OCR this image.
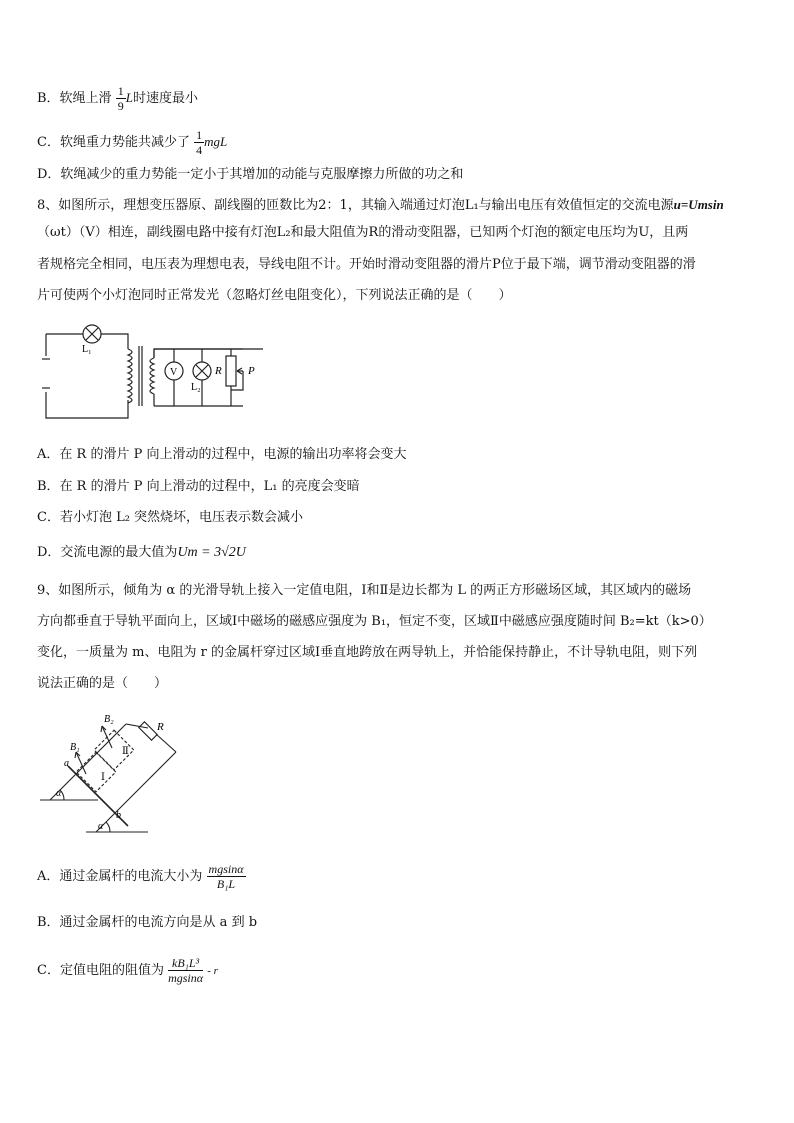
B．软绳上滑 $\frac{1}{9}$ L时速度最小
C．软绳重力势能共减少了 $\frac{1}{4}$ mgL
D．软绳减少的重力势能一定小于其增加的动能与克服摩擦力所做的功之和
8、如图所示，理想变压器原、副线圈的匝数比为2：1，其输入端通过灯泡L₁与输出电压有效值恒定的交流电源u=Umsin
（ωt）（V）相连，副线圈电路中接有灯泡L₂和最大阻值为R的滑动变阻器，已知两个灯泡的额定电压均为U，且两
者规格完全相同，电压表为理想电表，导线电阻不计。开始时滑动变阻器的滑片P位于最下端，调节滑动变阻器的滑
片可使两个小灯泡同时正常发光（忽略灯丝电阻变化），下列说法正确的是（　　）
L₁
V
L₂
R P
A．在 R 的滑片 P 向上滑动的过程中，电源的输出功率将会变大
B．在 R 的滑片 P 向上滑动的过程中，L₁ 的亮度会变暗
C．若小灯泡 L₂ 突然烧坏，电压表示数会减小
D．交流电源的最大值为Um = 3√2U
9、如图所示，倾角为 α 的光滑导轨上接入一定值电阻，Ⅰ和Ⅱ是边长都为 L 的两正方形磁场区域，其区域内的磁场
方向都垂直于导轨平面向上，区域Ⅰ中磁场的磁感应强度为 B₁，恒定不变，区域Ⅱ中磁感应强度随时间 B₂=kt（k>0）
变化，一质量为 m、电阻为 r 的金属杆穿过区域Ⅰ垂直地跨放在两导轨上，并恰能保持静止，不计导轨电阻，则下列
说法正确的是（　　）
B₂
R
B₁
a
Ⅱ
Ⅰ
α
b
α
A．通过金属杆的电流大小为 $\frac{mgsin\alpha}{\text{B₁L}}$
B．通过金属杆的电流方向是从 a 到 b
C．定值电阻的阻值为 $\frac{\text{kB₁L³}}{mgsin\alpha}$ - r
